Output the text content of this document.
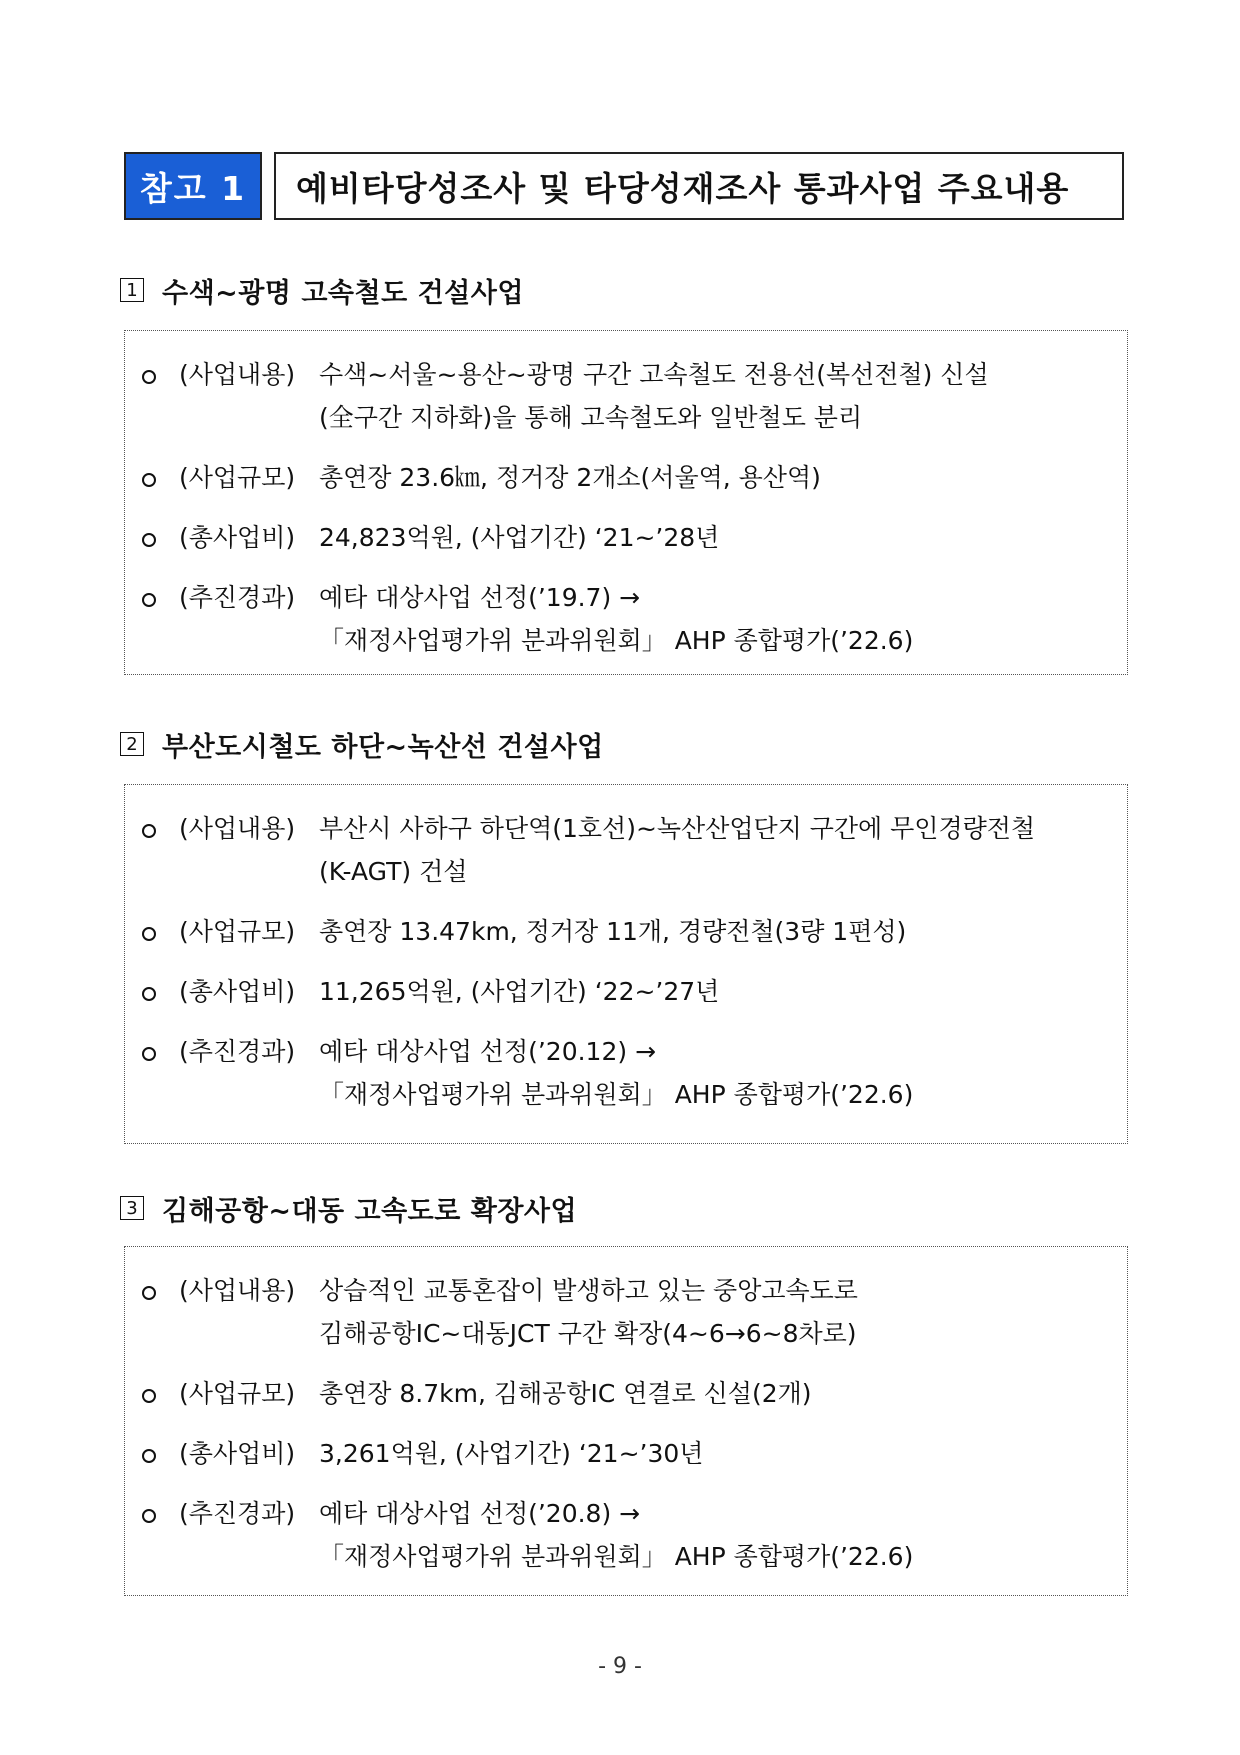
참고 1	예비타당성조사 및 타당성재조사 통과사업 주요내용
1 수색~광명 고속철도 건설사업
(사업내용) 수색~서울~용산~광명 구간 고속철도 전용선(복선전철) 신설
(全구간 지하화)을 통해 고속철도와 일반철도 분리
(사업규모) 총연장 23.6㎞, 정거장 2개소(서울역, 용산역)
(총사업비) 24,823억원, (사업기간) ‘21~’28년
(추진경과) 예타 대상사업 선정(’19.7) →
「재정사업평가위 분과위원회」 AHP 종합평가(’22.6)
2 부산도시철도 하단~녹산선 건설사업
(사업내용) 부산시 사하구 하단역(1호선)~녹산산업단지 구간에 무인경량전철
(K-AGT) 건설
(사업규모) 총연장 13.47km, 정거장 11개, 경량전철(3량 1편성)
(총사업비) 11,265억원, (사업기간) ‘22~’27년
(추진경과) 예타 대상사업 선정(’20.12) →
「재정사업평가위 분과위원회」 AHP 종합평가(’22.6)
3 김해공항~대동 고속도로 확장사업
(사업내용) 상습적인 교통혼잡이 발생하고 있는 중앙고속도로
김해공항IC~대동JCT 구간 확장(4~6→6~8차로)
(사업규모) 총연장 8.7km, 김해공항IC 연결로 신설(2개)
(총사업비) 3,261억원, (사업기간) ‘21~’30년
(추진경과) 예타 대상사업 선정(’20.8) →
「재정사업평가위 분과위원회」 AHP 종합평가(’22.6)
- 9 -
